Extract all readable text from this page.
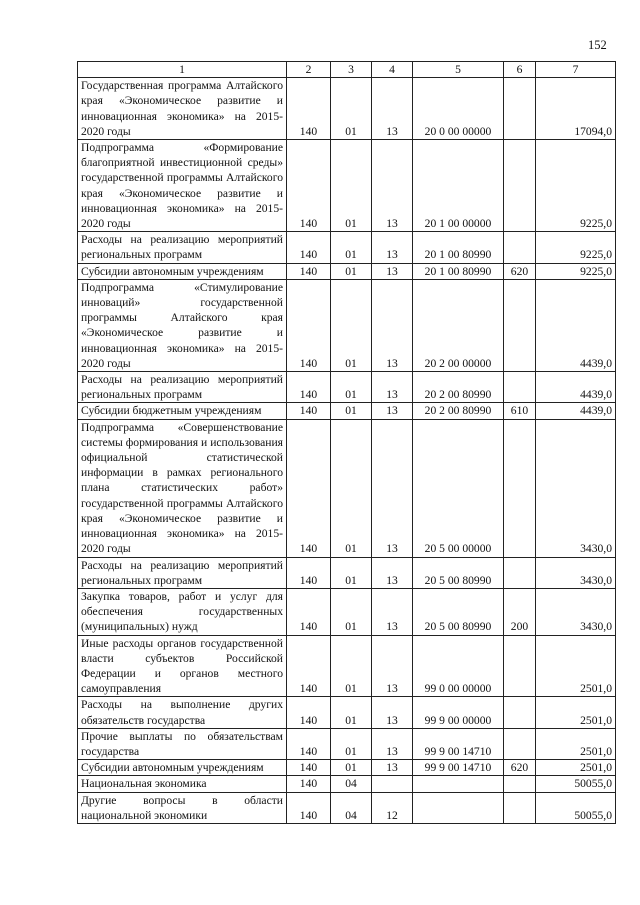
152
1	2	3	4	5	6	7
Государственная программа Алтайского края «Экономическое развитие и инновационная экономика» на 2015-2020 годы	140	01	13	20 0 00 00000		17094,0
Подпрограмма «Формирование благоприятной инвестиционной среды» государственной программы Алтайского края «Экономическое развитие и инновационная экономика» на 2015-2020 годы	140	01	13	20 1 00 00000		9225,0
Расходы на реализацию мероприятий региональных программ	140	01	13	20 1 00 80990		9225,0
Субсидии автономным учреждениям	140	01	13	20 1 00 80990	620	9225,0
Подпрограмма «Стимулирование инноваций» государственной программы Алтайского края «Экономическое развитие и инновационная экономика» на 2015-2020 годы	140	01	13	20 2 00 00000		4439,0
Расходы на реализацию мероприятий региональных программ	140	01	13	20 2 00 80990		4439,0
Субсидии бюджетным учреждениям	140	01	13	20 2 00 80990	610	4439,0
Подпрограмма «Совершенствование системы формирования и использования официальной статистической информации в рамках регионального плана статистических работ» государственной программы Алтайского края «Экономическое развитие и инновационная экономика» на 2015-2020 годы	140	01	13	20 5 00 00000		3430,0
Расходы на реализацию мероприятий региональных программ	140	01	13	20 5 00 80990		3430,0
Закупка товаров, работ и услуг для обеспечения государственных (муниципальных) нужд	140	01	13	20 5 00 80990	200	3430,0
Иные расходы органов государственной власти субъектов Российской Федерации и органов местного самоуправления	140	01	13	99 0 00 00000		2501,0
Расходы на выполнение других обязательств государства	140	01	13	99 9 00 00000		2501,0
Прочие выплаты по обязательствам государства	140	01	13	99 9 00 14710		2501,0
Субсидии автономным учреждениям	140	01	13	99 9 00 14710	620	2501,0
Национальная экономика	140	04				50055,0
Другие вопросы в области национальной экономики	140	04	12			50055,0
